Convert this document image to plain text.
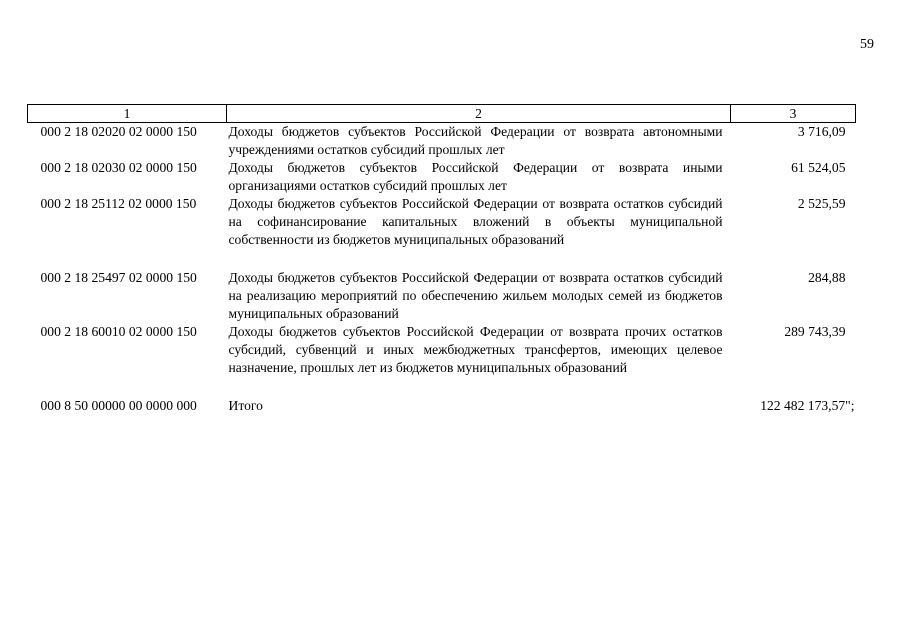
59
1	2	3
000 2 18 02020 02 0000 150	Доходы бюджетов субъектов Российской Федерации от возврата автономными учреждениями остатков субсидий прошлых лет	3 716,09
000 2 18 02030 02 0000 150	Доходы бюджетов субъектов Российской Федерации от возврата иными организациями остатков субсидий прошлых лет	61 524,05
000 2 18 25112 02 0000 150	Доходы бюджетов субъектов Российской Федерации от возврата остатков субсидий на софинансирование капитальных вложений в объекты муниципальной собственности из бюджетов муниципальных образований	2 525,59
000 2 18 25497 02 0000 150	Доходы бюджетов субъектов Российской Федерации от возврата остатков субсидий на реализацию мероприятий по обеспечению жильем молодых семей из бюджетов муниципальных образований	284,88
000 2 18 60010 02 0000 150	Доходы бюджетов субъектов Российской Федерации от возврата прочих остатков субсидий, субвенций и иных межбюджетных трансфертов, имеющих целевое назначение, прошлых лет из бюджетов муниципальных образований	289 743,39
000 8 50 00000 00 0000 000	Итого	122 482 173,57";
